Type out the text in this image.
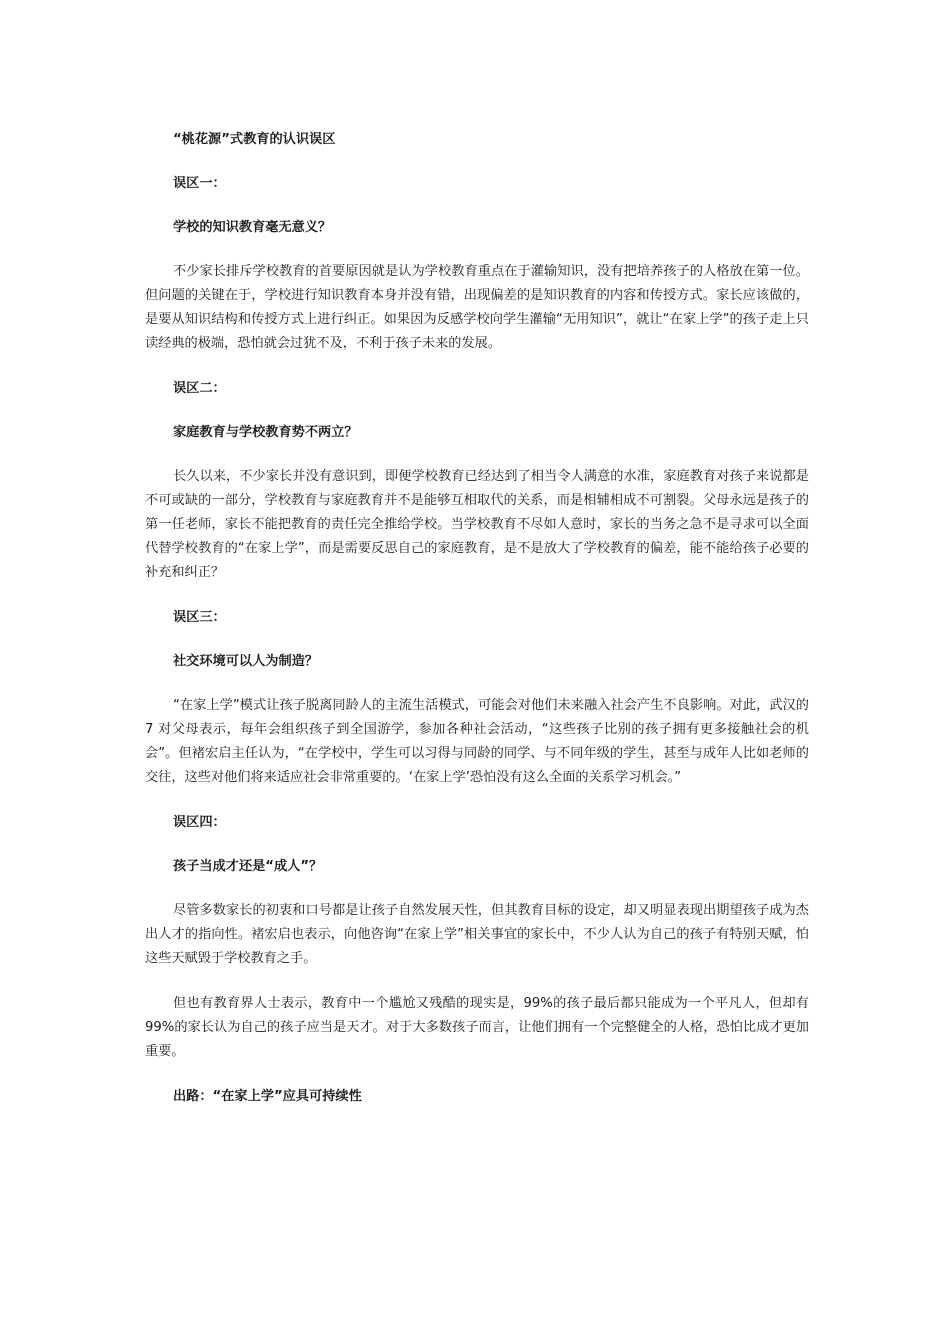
“桃花源”式教育的认识误区

误区一：

学校的知识教育毫无意义？

不少家长排斥学校教育的首要原因就是认为学校教育重点在于灌输知识，没有把培养孩子的人格放在第一位。但问题的关键在于，学校进行知识教育本身并没有错，出现偏差的是知识教育的内容和传授方式。家长应该做的，是要从知识结构和传授方式上进行纠正。如果因为反感学校向学生灌输“无用知识”，就让“在家上学”的孩子走上只读经典的极端，恐怕就会过犹不及，不利于孩子未来的发展。

误区二：

家庭教育与学校教育势不两立？

长久以来，不少家长并没有意识到，即便学校教育已经达到了相当令人满意的水准，家庭教育对孩子来说都是不可或缺的一部分，学校教育与家庭教育并不是能够互相取代的关系，而是相辅相成不可割裂。父母永远是孩子的第一任老师，家长不能把教育的责任完全推给学校。当学校教育不尽如人意时，家长的当务之急不是寻求可以全面代替学校教育的“在家上学”，而是需要反思自己的家庭教育，是不是放大了学校教育的偏差，能不能给孩子必要的补充和纠正？

误区三：

社交环境可以人为制造？

“在家上学”模式让孩子脱离同龄人的主流生活模式，可能会对他们未来融入社会产生不良影响。对此，武汉的 7 对父母表示，每年会组织孩子到全国游学，参加各种社会活动，“这些孩子比别的孩子拥有更多接触社会的机会”。但褚宏启主任认为，“在学校中，学生可以习得与同龄的同学、与不同年级的学生，甚至与成年人比如老师的交往，这些对他们将来适应社会非常重要的。‘在家上学’恐怕没有这么全面的关系学习机会。”

误区四：

孩子当成才还是“成人”？

尽管多数家长的初衷和口号都是让孩子自然发展天性，但其教育目标的设定，却又明显表现出期望孩子成为杰出人才的指向性。褚宏启也表示，向他咨询“在家上学”相关事宜的家长中，不少人认为自己的孩子有特别天赋，怕这些天赋毁于学校教育之手。

但也有教育界人士表示，教育中一个尴尬又残酷的现实是，99%的孩子最后都只能成为一个平凡人，但却有 99%的家长认为自己的孩子应当是天才。对于大多数孩子而言，让他们拥有一个完整健全的人格，恐怕比成才更加重要。

出路：“在家上学”应具可持续性
